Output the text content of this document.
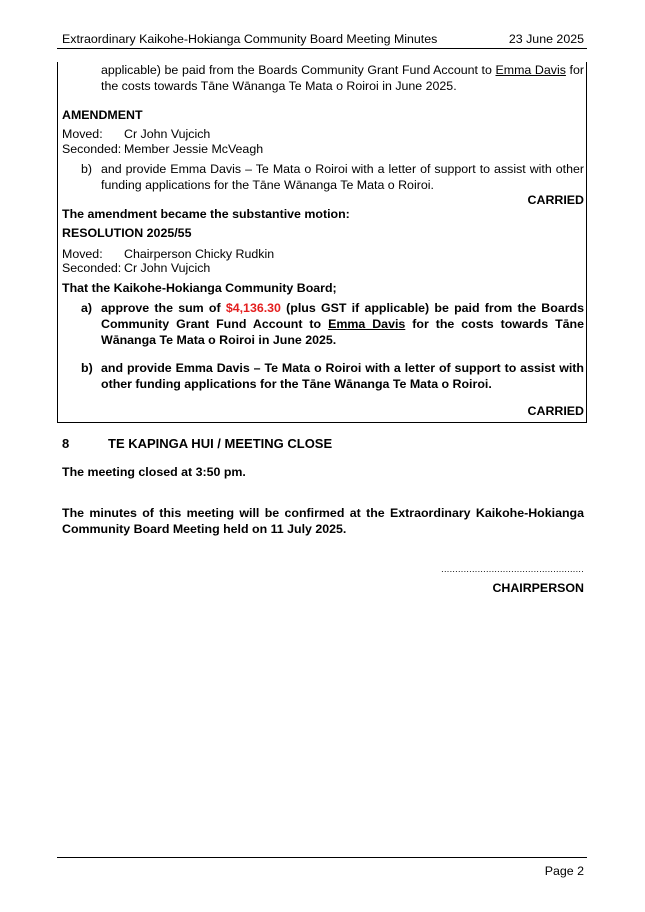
Extraordinary Kaikohe-Hokianga Community Board Meeting Minutes	23 June 2025
applicable) be paid from the Boards Community Grant Fund Account to Emma Davis for the costs towards Tāne Wānanga Te Mata o Roiroi in June 2025.
AMENDMENT
Moved: Cr John Vujcich
Seconded: Member Jessie McVeagh
b) and provide Emma Davis – Te Mata o Roiroi with a letter of support to assist with other funding applications for the Tāne Wānanga Te Mata o Roiroi.
CARRIED
The amendment became the substantive motion:
RESOLUTION 2025/55
Moved: Chairperson Chicky Rudkin
Seconded: Cr John Vujcich
That the Kaikohe-Hokianga Community Board;
a) approve the sum of $4,136.30 (plus GST if applicable) be paid from the Boards Community Grant Fund Account to Emma Davis for the costs towards Tāne Wānanga Te Mata o Roiroi in June 2025.
b) and provide Emma Davis – Te Mata o Roiroi with a letter of support to assist with other funding applications for the Tāne Wānanga Te Mata o Roiroi.
CARRIED
8	TE KAPINGA HUI / MEETING CLOSE
The meeting closed at 3:50 pm.
The minutes of this meeting will be confirmed at the Extraordinary Kaikohe-Hokianga Community Board Meeting held on 11 July 2025.
...................................................
CHAIRPERSON
Page 2
